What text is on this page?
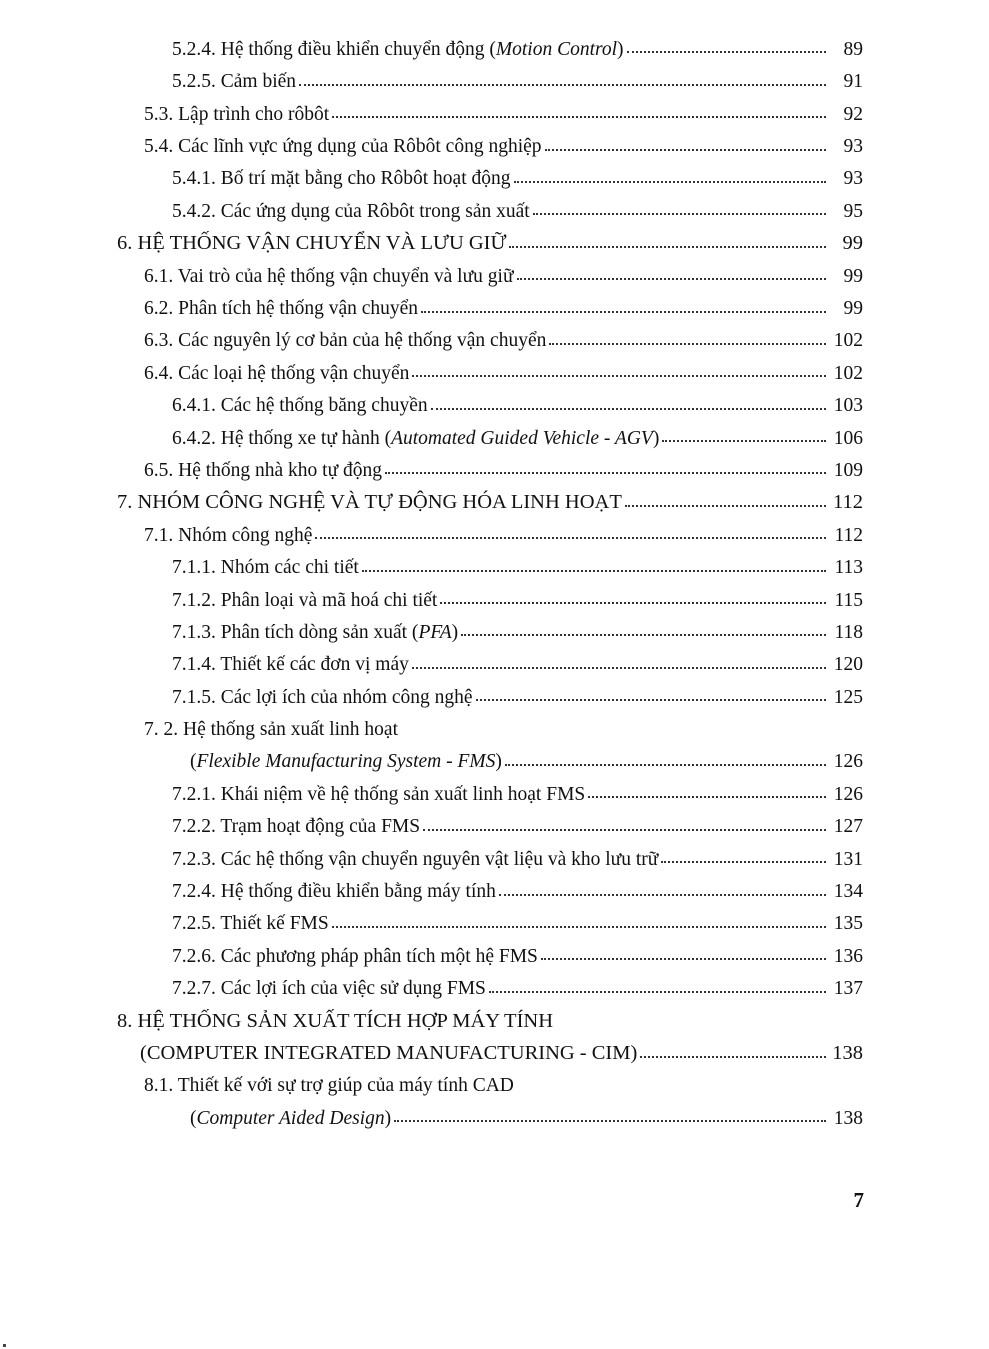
5.2.4. Hệ thống điều khiển chuyển động (Motion Control)	89
5.2.5. Cảm biến	91
5.3. Lập trình cho rôbôt	92
5.4. Các lĩnh vực ứng dụng của Rôbôt công nghiệp	93
5.4.1. Bố trí mặt bằng cho Rôbôt hoạt động	93
5.4.2. Các ứng dụng của Rôbôt trong sản xuất	95
6. HỆ THỐNG VẬN CHUYỂN VÀ LƯU GIỮ	99
6.1. Vai trò của hệ thống vận chuyển và lưu giữ	99
6.2. Phân tích hệ thống vận chuyển	99
6.3. Các nguyên lý cơ bản của hệ thống vận chuyển	102
6.4. Các loại hệ thống vận chuyển	102
6.4.1. Các hệ thống băng chuyền	103
6.4.2. Hệ thống xe tự hành (Automated Guided Vehicle - AGV)	106
6.5. Hệ thống nhà kho tự động	109
7. NHÓM CÔNG NGHỆ VÀ TỰ ĐỘNG HÓA LINH HOẠT	112
7.1. Nhóm công nghệ	112
7.1.1. Nhóm các chi tiết	113
7.1.2. Phân loại và mã hoá chi tiết	115
7.1.3. Phân tích dòng sản xuất (PFA)	118
7.1.4. Thiết kế các đơn vị máy	120
7.1.5. Các lợi ích của nhóm công nghệ	125
7. 2. Hệ thống sản xuất linh hoạt
(Flexible Manufacturing System - FMS)	126
7.2.1. Khái niệm về hệ thống sản xuất linh hoạt FMS	126
7.2.2. Trạm hoạt động của FMS	127
7.2.3. Các hệ thống vận chuyển nguyên vật liệu và kho lưu trữ	131
7.2.4. Hệ thống điều khiển bằng máy tính	134
7.2.5. Thiết kế FMS	135
7.2.6. Các phương pháp phân tích một hệ FMS	136
7.2.7. Các lợi ích của việc sử dụng FMS	137
8. HỆ THỐNG SẢN XUẤT TÍCH HỢP MÁY TÍNH
(COMPUTER INTEGRATED MANUFACTURING - CIM)	138
8.1. Thiết kế với sự trợ giúp của máy tính CAD
(Computer Aided Design)	138
7
